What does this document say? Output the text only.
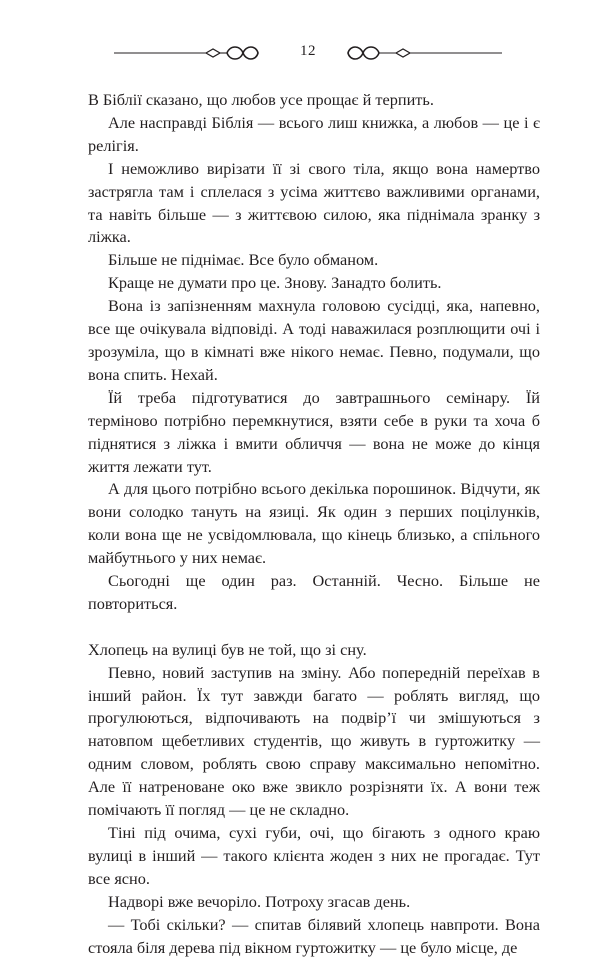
12

В Біблії сказано, що любов усе прощає й терпить.

Але насправді Біблія — всього лиш книжка, а любов — це і є релігія.

І неможливо вирізати її зі свого тіла, якщо вона намертво застрягла там і сплелася з усіма життєво важливими органами, та навіть більше — з життєвою силою, яка піднімала зранку з ліжка.

Більше не піднімає. Все було обманом.

Краще не думати про це. Знову. Занадто болить.

Вона із запізненням махнула головою сусідці, яка, напевно, все ще очікувала відповіді. А тоді наважилася розплющити очі і зрозуміла, що в кімнаті вже нікого немає. Певно, подумали, що вона спить. Нехай.

Їй треба підготуватися до завтрашнього семінару. Їй терміново потрібно перемкнутися, взяти себе в руки та хоча б піднятися з ліжка і вмити обличчя — вона не може до кінця життя лежати тут.

А для цього потрібно всього декілька порошинок. Відчути, як вони солодко тануть на язиці. Як один з перших поцілунків, коли вона ще не усвідомлювала, що кінець близько, а спільного майбутнього у них немає.

Сьогодні ще один раз. Останній. Чесно. Більше не повториться.

Хлопець на вулиці був не той, що зі сну.

Певно, новий заступив на зміну. Або попередній переїхав в інший район. Їх тут завжди багато — роблять вигляд, що прогулюються, відпочивають на подвір’ї чи змішуються з натовпом щебетливих студентів, що живуть в гуртожитку — одним словом, роблять свою справу максимально непомітно. Але її натреноване око вже звикло розрізняти їх. А вони теж помічають її погляд — це не складно.

Тіні під очима, сухі губи, очі, що бігають з одного краю вулиці в інший — такого клієнта жоден з них не прогадає. Тут все ясно.

Надворі вже вечоріло. Потроху згасав день.

— Тобі скільки? — спитав білявий хлопець навпроти. Вона стояла біля дерева під вікном гуртожитку — це було місце, де
